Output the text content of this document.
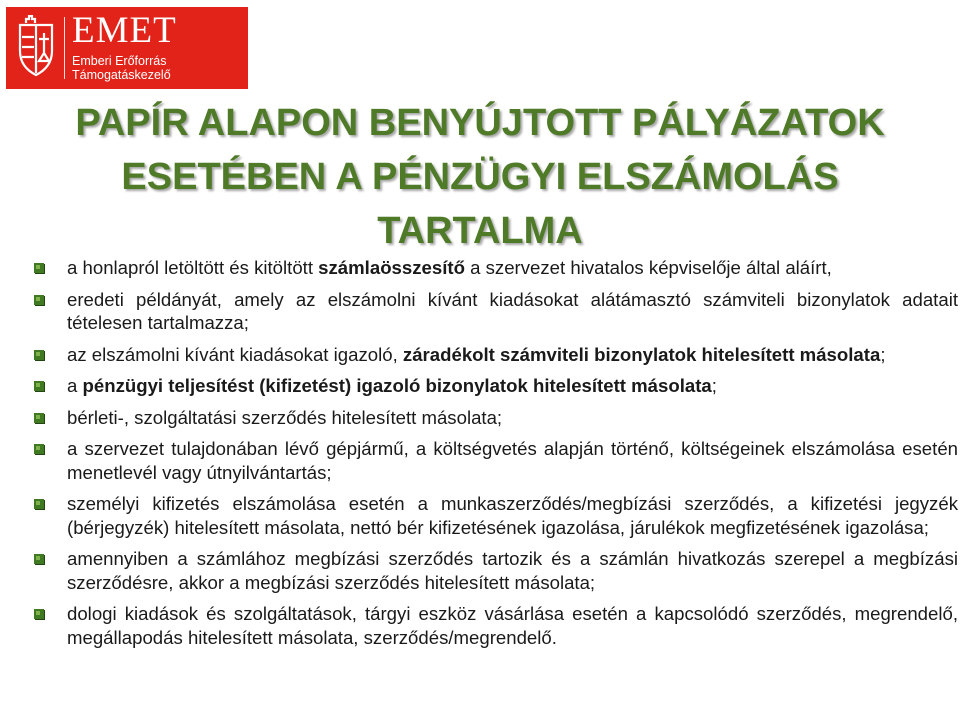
EMET
Emberi Erőforrás
Támogatáskezelő
PAPÍR ALAPON BENYÚJTOTT PÁLYÁZATOK
ESETÉBEN A PÉNZÜGYI ELSZÁMOLÁS
TARTALMA
a honlapról letöltött és kitöltött számlaösszesítő a szervezet hivatalos képviselője által aláírt,
eredeti példányát, amely az elszámolni kívánt kiadásokat alátámasztó számviteli bizonylatok adatait tételesen tartalmazza;
az elszámolni kívánt kiadásokat igazoló, záradékolt számviteli bizonylatok hitelesített másolata;
a pénzügyi teljesítést (kifizetést) igazoló bizonylatok hitelesített másolata;
bérleti-, szolgáltatási szerződés hitelesített másolata;
a szervezet tulajdonában lévő gépjármű, a költségvetés alapján történő, költségeinek elszámolása esetén menetlevél vagy útnyilvántartás;
személyi kifizetés elszámolása esetén a munkaszerződés/megbízási szerződés, a kifizetési jegyzék (bérjegyzék) hitelesített másolata, nettó bér kifizetésének igazolása, járulékok megfizetésének igazolása;
amennyiben a számlához megbízási szerződés tartozik és a számlán hivatkozás szerepel a megbízási szerződésre, akkor a megbízási szerződés hitelesített másolata;
dologi kiadások és szolgáltatások, tárgyi eszköz vásárlása esetén a kapcsolódó szerződés, megrendelő, megállapodás hitelesített másolata, szerződés/megrendelő.
